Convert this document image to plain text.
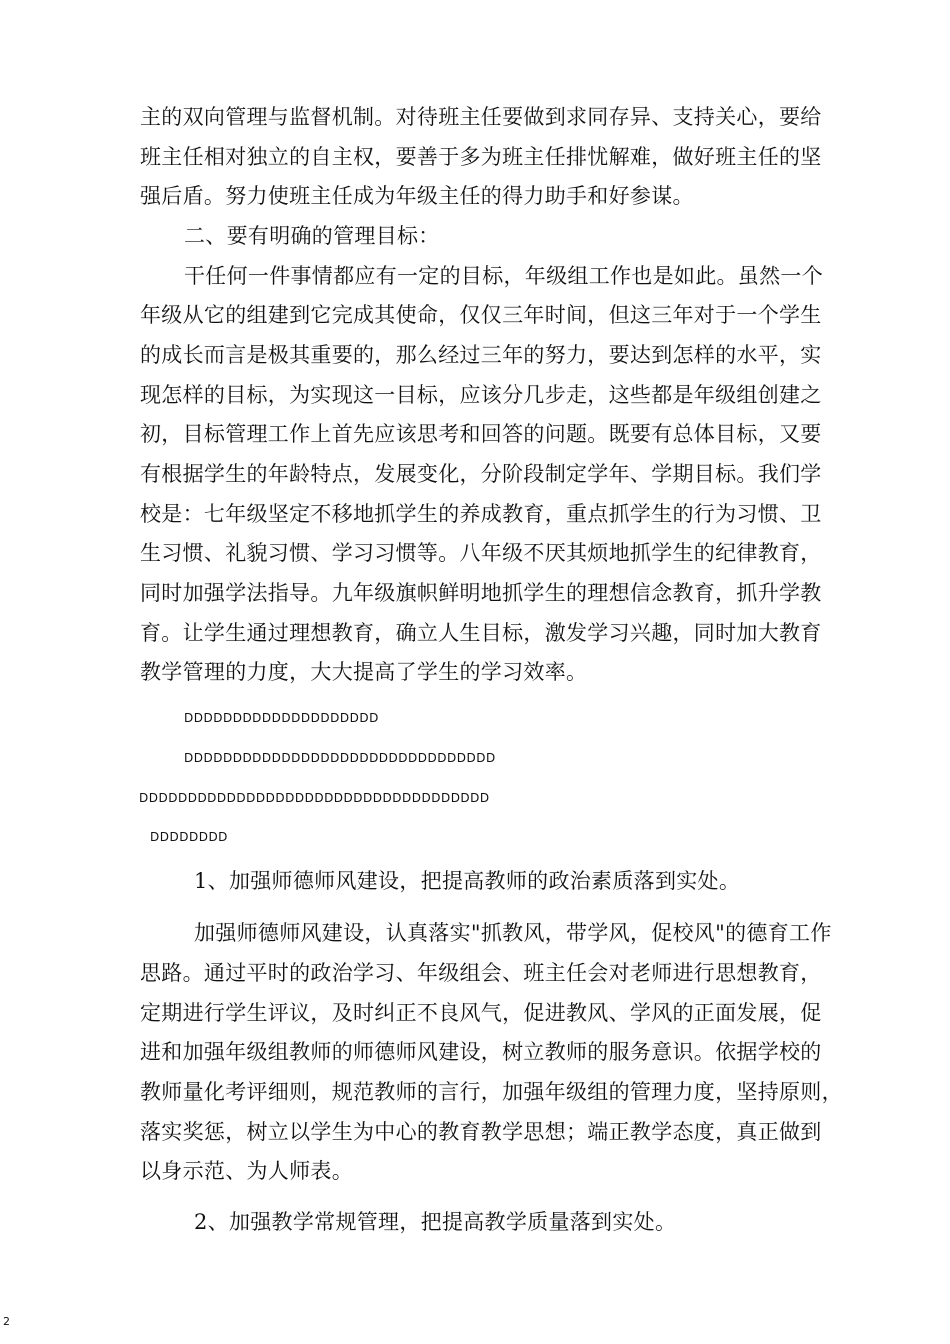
主的双向管理与监督机制。对待班主任要做到求同存异、支持关心，要给
班主任相对独立的自主权，要善于多为班主任排忧解难，做好班主任的坚
强后盾。努力使班主任成为年级主任的得力助手和好参谋。
二、要有明确的管理目标：
干任何一件事情都应有一定的目标，年级组工作也是如此。虽然一个
年级从它的组建到它完成其使命，仅仅三年时间，但这三年对于一个学生
的成长而言是极其重要的，那么经过三年的努力，要达到怎样的水平，实
现怎样的目标，为实现这一目标，应该分几步走，这些都是年级组创建之
初，目标管理工作上首先应该思考和回答的问题。既要有总体目标，又要
有根据学生的年龄特点，发展变化，分阶段制定学年、学期目标。我们学
校是：七年级坚定不移地抓学生的养成教育，重点抓学生的行为习惯、卫
生习惯、礼貌习惯、学习习惯等。八年级不厌其烦地抓学生的纪律教育，
同时加强学法指导。九年级旗帜鲜明地抓学生的理想信念教育，抓升学教
育。让学生通过理想教育，确立人生目标，激发学习兴趣，同时加大教育
教学管理的力度，大大提高了学生的学习效率。
DDDDDDDDDDDDDDDDDDDD
DDDDDDDDDDDDDDDDDDDDDDDDDDDDDDDD
DDDDDDDDDDDDDDDDDDDDDDDDDDDDDDDDDDDD
DDDDDDDD
1、加强师德师风建设，把提高教师的政治素质落到实处。
加强师德师风建设，认真落实"抓教风，带学风，促校风"的德育工作
思路。通过平时的政治学习、年级组会、班主任会对老师进行思想教育，
定期进行学生评议，及时纠正不良风气，促进教风、学风的正面发展，促
进和加强年级组教师的师德师风建设，树立教师的服务意识。依据学校的
教师量化考评细则，规范教师的言行，加强年级组的管理力度，坚持原则，
落实奖惩，树立以学生为中心的教育教学思想；端正教学态度，真正做到
以身示范、为人师表。
2、加强教学常规管理，把提高教学质量落到实处。
2
